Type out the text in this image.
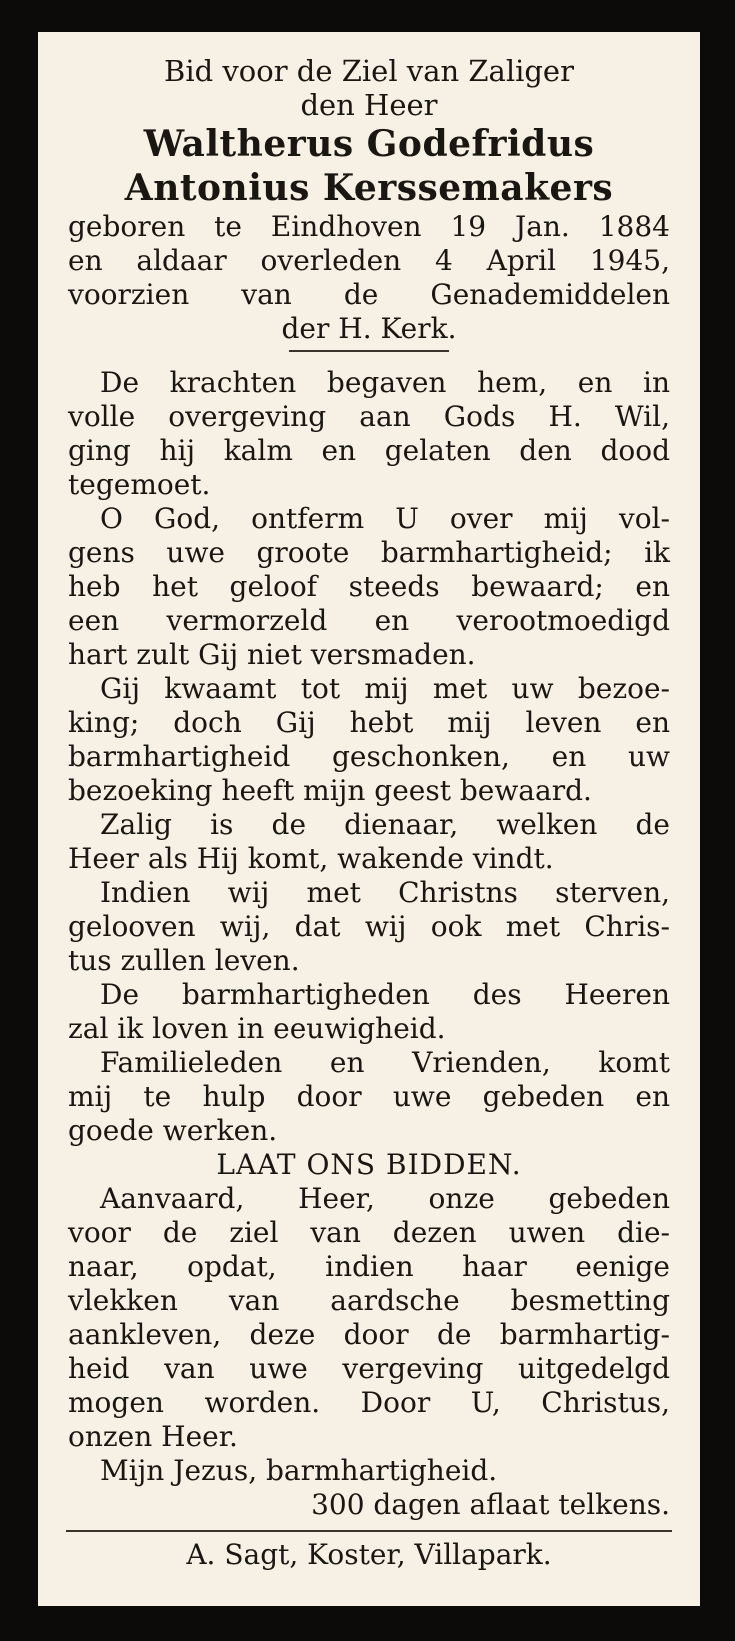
Bid voor de Ziel van Zaliger
den Heer
Waltherus Godefridus
Antonius Kerssemakers
geboren te Eindhoven 19 Jan. 1884
en aldaar overleden 4 April 1945,
voorzien van de Genademiddelen
der H. Kerk.
De krachten begaven hem, en in
volle overgeving aan Gods H. Wil,
ging hij kalm en gelaten den dood
tegemoet.
O God, ontferm U over mij vol-
gens uwe groote barmhartigheid; ik
heb het geloof steeds bewaard; en
een vermorzeld en verootmoedigd
hart zult Gij niet versmaden.
Gij kwaamt tot mij met uw bezoe-
king; doch Gij hebt mij leven en
barmhartigheid geschonken, en uw
bezoeking heeft mijn geest bewaard.
Zalig is de dienaar, welken de
Heer als Hij komt, wakende vindt.
Indien wij met Christns sterven,
gelooven wij, dat wij ook met Chris-
tus zullen leven.
De barmhartigheden des Heeren
zal ik loven in eeuwigheid.
Familieleden en Vrienden, komt
mij te hulp door uwe gebeden en
goede werken.
LAAT ONS BIDDEN.
Aanvaard, Heer, onze gebeden
voor de ziel van dezen uwen die-
naar, opdat, indien haar eenige
vlekken van aardsche besmetting
aankleven, deze door de barmhartig-
heid van uwe vergeving uitgedelgd
mogen worden. Door U, Christus,
onzen Heer.
Mijn Jezus, barmhartigheid.
300 dagen aflaat telkens.
A. Sagt, Koster, Villapark.
